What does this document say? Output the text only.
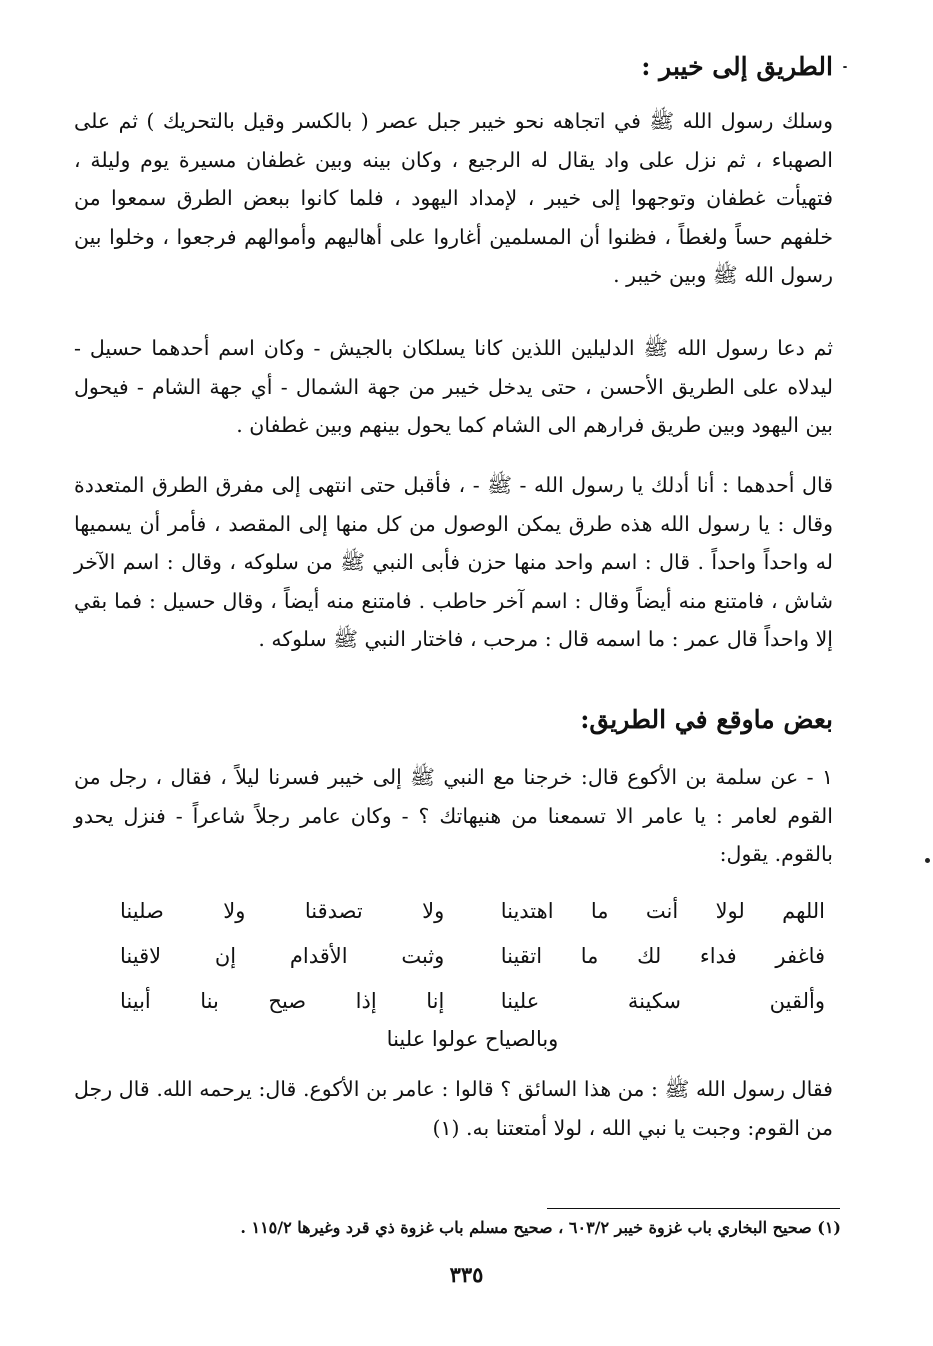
الطريق إلى خيبر :
وسلك رسول الله ﷺ في اتجاهه نحو خيبر جبل عصر ( بالكسر وقيل بالتحريك ) ثم على الصهباء ، ثم نزل على واد يقال له الرجيع ، وكان بينه وبين غطفان مسيرة يوم وليلة ، فتهيأت غطفان وتوجهوا إلى خيبر ، لإمداد اليهود ، فلما كانوا ببعض الطرق سمعوا من خلفهم حساً ولغطاً ، فظنوا أن المسلمين أغاروا على أهاليهم وأموالهم فرجعوا ، وخلوا بين رسول الله ﷺ وبين خيبر .
ثم دعا رسول الله ﷺ الدليلين اللذين كانا يسلكان بالجيش - وكان اسم أحدهما حسيل - ليدلاه على الطريق الأحسن ، حتى يدخل خيبر من جهة الشمال - أي جهة الشام - فيحول بين اليهود وبين طريق فرارهم الى الشام كما يحول بينهم وبين غطفان .
قال أحدهما : أنا أدلك يا رسول الله - ﷺ - ، فأقبل حتى انتهى إلى مفرق الطرق المتعددة وقال : يا رسول الله هذه طرق يمكن الوصول من كل منها إلى المقصد ، فأمر أن يسميها له واحداً واحداً . قال : اسم واحد منها حزن فأبى النبي ﷺ من سلوكه ، وقال : اسم الآخر شاش ، فامتنع منه أيضاً وقال : اسم آخر حاطب . فامتنع منه أيضاً ، وقال حسيل : فما بقي إلا واحداً قال عمر : ما اسمه قال : مرحب ، فاختار النبي ﷺ سلوكه .
بعض ماوقع في الطريق:
١ - عن سلمة بن الأكوع قال: خرجنا مع النبي ﷺ إلى خيبر فسرنا ليلاً ، فقال ، رجل من القوم لعامر : يا عامر الا تسمعنا من هنيهاتك ؟ - وكان عامر رجلاً شاعراً - فنزل يحدو بالقوم. يقول:
اللهم لولا أنت ما اهتدينا
ولا تصدقنا ولا صلينا
فاغفر فداء لك ما اتقينا
وثبت الأقدام إن لاقينا
وألقين سكينة علينا
إنا إذا صيح بنا أبينا
وبالصياح عولوا علينا
فقال رسول الله ﷺ : من هذا السائق ؟ قالوا : عامر بن الأكوع. قال: يرحمه الله. قال رجل من القوم: وجبت يا نبي الله ، لولا أمتعتنا به. (١)
(١) صحيح البخاري باب غزوة خيبر ٦٠٣/٢ ، صحيح مسلم باب غزوة ذي قرد وغيرها ١١٥/٢ .
٣٣٥
